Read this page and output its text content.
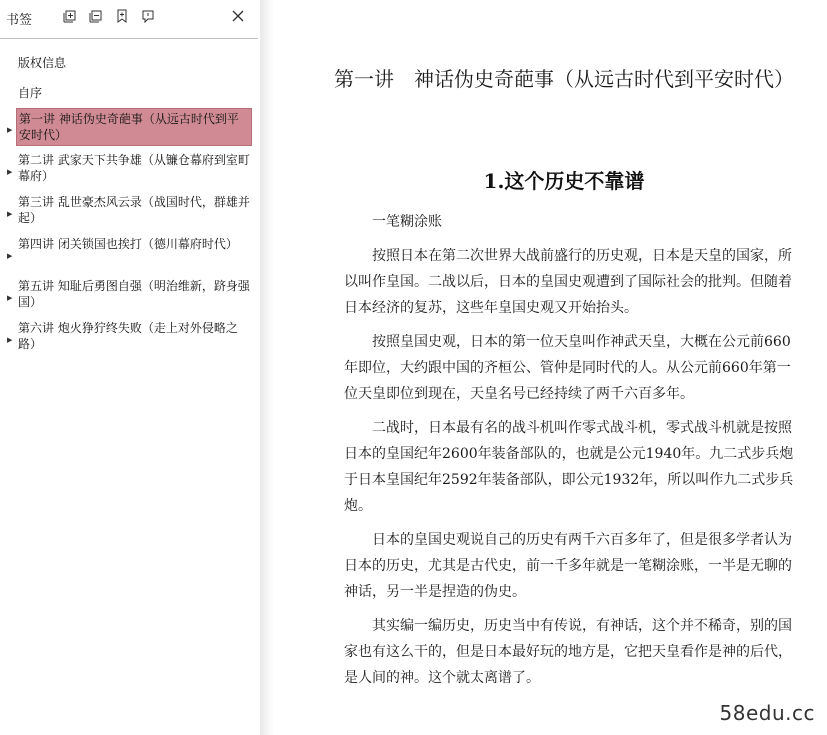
书签
版权信息
自序
▶
第一讲 神话伪史奇葩事（从远古时代到平安时代）
▶
第二讲 武家天下共争雄（从镰仓幕府到室町幕府）
▶
第三讲 乱世豪杰风云录（战国时代，群雄并起）
▶
第四讲 闭关锁国也挨打（德川幕府时代）
▶
第五讲 知耻后勇图自强（明治维新，跻身强国）
▶
第六讲 炮火狰狞终失败（走上对外侵略之路）
第一讲　神话伪史奇葩事（从远古时代到平安时代）
1.这个历史不靠谱

一笔糊涂账

按照日本在第二次世界大战前盛行的历史观，日本是天皇的国家，所以叫作皇国。二战以后，日本的皇国史观遭到了国际社会的批判。但随着日本经济的复苏，这些年皇国史观又开始抬头。

按照皇国史观，日本的第一位天皇叫作神武天皇，大概在公元前660年即位，大约跟中国的齐桓公、管仲是同时代的人。从公元前660年第一位天皇即位到现在，天皇名号已经持续了两千六百多年。

二战时，日本最有名的战斗机叫作零式战斗机，零式战斗机就是按照日本的皇国纪年2600年装备部队的，也就是公元1940年。九二式步兵炮于日本皇国纪年2592年装备部队，即公元1932年，所以叫作九二式步兵炮。

日本的皇国史观说自己的历史有两千六百多年了，但是很多学者认为日本的历史，尤其是古代史，前一千多年就是一笔糊涂账，一半是无聊的神话，另一半是捏造的伪史。

其实编一编历史，历史当中有传说，有神话，这个并不稀奇，别的国家也有这么干的，但是日本最好玩的地方是，它把天皇看作是神的后代，是人间的神。这个就太离谱了。

58edu.cc
